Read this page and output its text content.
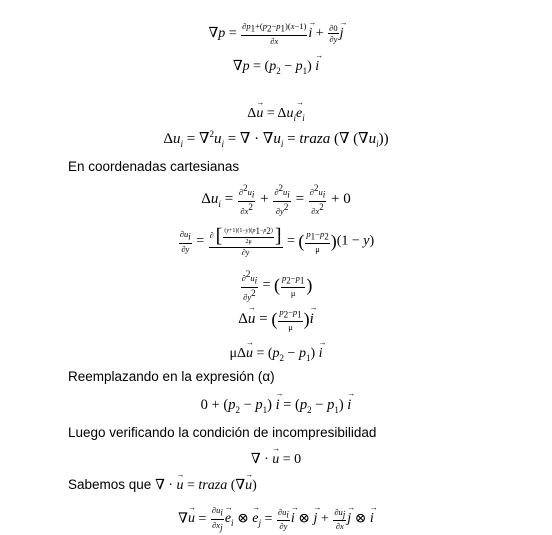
$\nabla p = \frac{\partial p_1+(p_2-p_1)(x-1)}{\partial x}$ i → + $\frac{\partial 0}{\partial y}$ j →
$\nabla p = (p_2 - p_1) i$ →
Δu → = $\Delta u_ie \to_i$
$\Delta u_i = \nabla^2u_i$ = ∇ · $\nabla u_i$ = traza (∇ $(\nabla u_i)$)
En coordenadas cartesianas
$\Delta u_i = \frac{\partial^2u_i}{\partial x^2} + \frac{\partial^2u_i}{\partial y^2} = \frac{\partial^2u_i}{\partial x^2} + 0$
$\frac{\partial u_i}{\partial y} = \frac{\partial [ \frac{(y+1)(1-y)(p_1-p_2)}{2\mu} ]}{\partial y}$ = ( $\frac{p_1-p_2}{\mu} )(1 - y)$
$\frac{\partial^2u_i}{\partial y^2}$ = ( $\frac{p_2-p_1}{\mu}$ )
Δu → = ( $\frac{p_2-p_1}{\mu} )i$ →
μΔu → = $(p_2 - p_1) i$ →
Reemplazando en la expresión (α)
$0 + (p_2 - p_1) i$ → = $(p_2 - p_1) i$ →
Luego verificando la condición de incompresibilidad
∇ · u → = 0
Sabemos que ∇ · u → = traza (∇u →)
∇u → = $\frac{\partial u_i}{\partial x_j}$ $e \to_i$ ⊗ $e \to_j = \frac{\partial u_i}{\partial y}$ i → ⊗ j → + $\frac{\partial u_j}{\partial x}$ j → ⊗ i →
